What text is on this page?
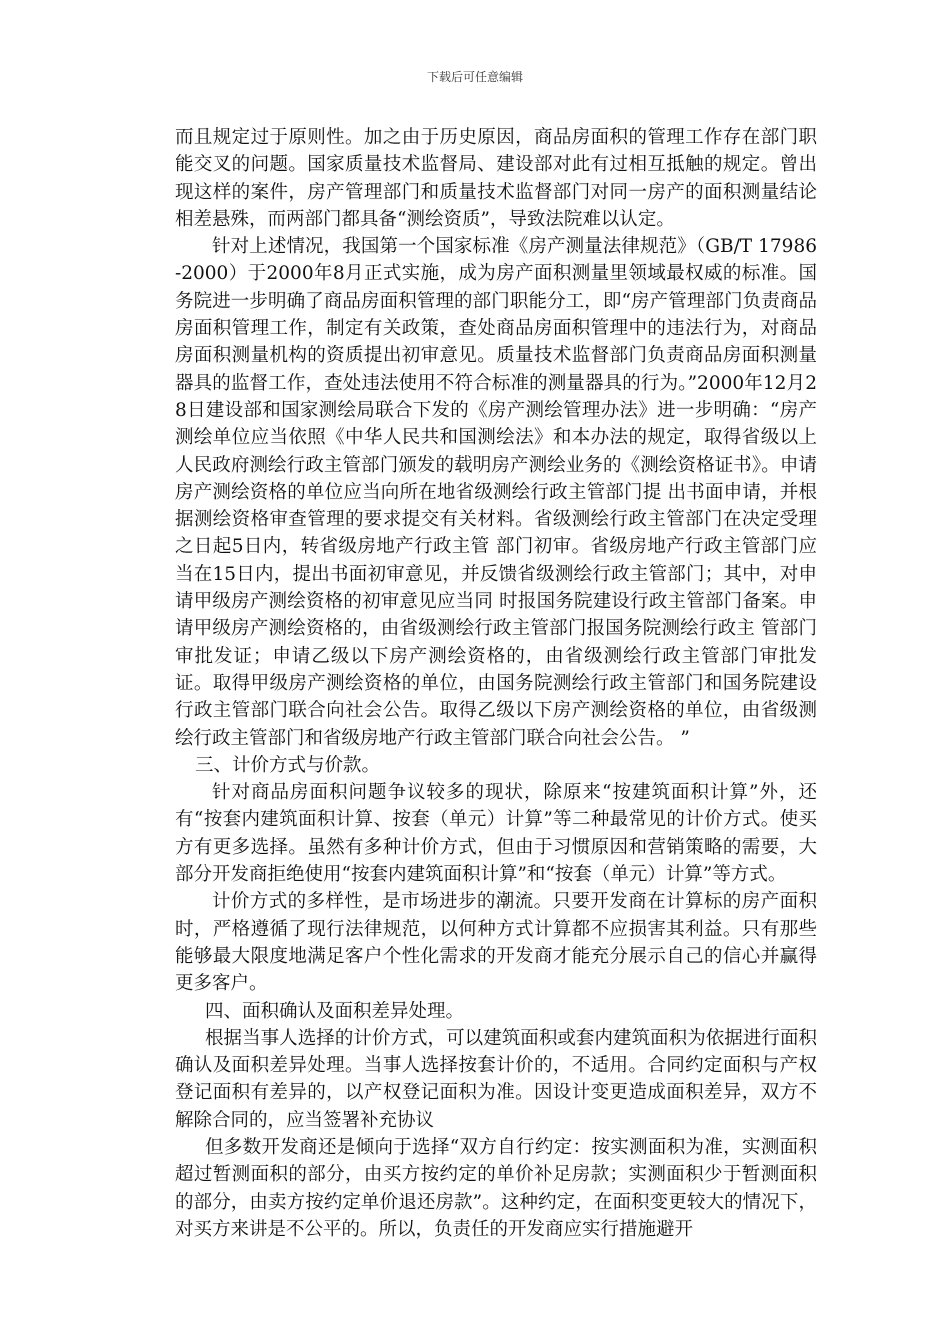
下载后可任意编辑

而且规定过于原则性。加之由于历史原因，商品房面积的管理工作存在部门职能交叉的问题。国家质量技术监督局、建设部对此有过相互抵触的规定。曾出现这样的案件，房产管理部门和质量技术监督部门对同一房产的面积测量结论相差悬殊，而两部门都具备“测绘资质”，导致法院难以认定。

针对上述情况，我国第一个国家标准《房产测量法律规范》（GB/T 17986-2000）于2000年8月正式实施，成为房产面积测量里领域最权威的标准。国务院进一步明确了商品房面积管理的部门职能分工，即“房产管理部门负责商品房面积管理工作，制定有关政策，查处商品房面积管理中的违法行为，对商品房面积测量机构的资质提出初审意见。质量技术监督部门负责商品房面积测量器具的监督工作，查处违法使用不符合标准的测量器具的行为。”2000年12月28日建设部和国家测绘局联合下发的《房产测绘管理办法》进一步明确：“房产测绘单位应当依照《中华人民共和国测绘法》和本办法的规定，取得省级以上人民政府测绘行政主管部门颁发的载明房产测绘业务的《测绘资格证书》。申请房产测绘资格的单位应当向所在地省级测绘行政主管部门提 出书面申请，并根据测绘资格审查管理的要求提交有关材料。省级测绘行政主管部门在决定受理之日起5日内，转省级房地产行政主管 部门初审。省级房地产行政主管部门应当在15日内，提出书面初审意见，并反馈省级测绘行政主管部门；其中，对申请甲级房产测绘资格的初审意见应当同 时报国务院建设行政主管部门备案。申请甲级房产测绘资格的，由省级测绘行政主管部门报国务院测绘行政主 管部门审批发证；申请乙级以下房产测绘资格的，由省级测绘行政主管部门审批发证。取得甲级房产测绘资格的单位，由国务院测绘行政主管部门和国务院建设 行政主管部门联合向社会公告。取得乙级以下房产测绘资格的单位，由省级测绘行政主管部门和省级房地产行政主管部门联合向社会公告。 ”

三、计价方式与价款。

针对商品房面积问题争议较多的现状，除原来“按建筑面积计算”外，还有“按套内建筑面积计算、按套（单元）计算”等二种最常见的计价方式。使买方有更多选择。虽然有多种计价方式，但由于习惯原因和营销策略的需要，大部分开发商拒绝使用“按套内建筑面积计算”和“按套（单元）计算”等方式。

计价方式的多样性，是市场进步的潮流。只要开发商在计算标的房产面积时，严格遵循了现行法律规范，以何种方式计算都不应损害其利益。只有那些能够最大限度地满足客户个性化需求的开发商才能充分展示自己的信心并赢得更多客户。

四、面积确认及面积差异处理。

根据当事人选择的计价方式，可以建筑面积或套内建筑面积为依据进行面积确认及面积差异处理。当事人选择按套计价的，不适用。合同约定面积与产权登记面积有差异的，以产权登记面积为准。因设计变更造成面积差异，双方不解除合同的，应当签署补充协议

但多数开发商还是倾向于选择“双方自行约定：按实测面积为准，实测面积超过暂测面积的部分，由买方按约定的单价补足房款；实测面积少于暂测面积的部分，由卖方按约定单价退还房款”。这种约定，在面积变更较大的情况下，对买方来讲是不公平的。所以，负责任的开发商应实行措施避开
